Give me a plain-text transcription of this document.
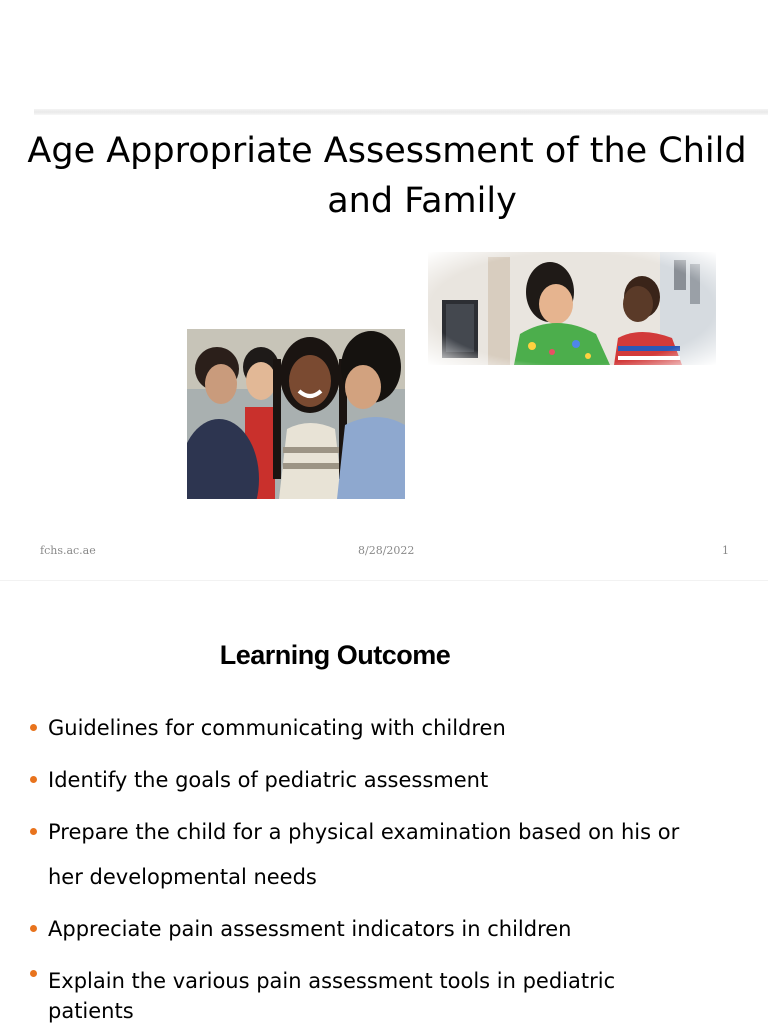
Age Appropriate Assessment of the Child
and Family
fchs.ac.ae	8/28/2022	1
Learning Outcome
Guidelines for communicating with children
Identify the goals of pediatric assessment
Prepare the child for a physical examination based on his or
her developmental needs
Appreciate pain assessment indicators in children
Explain the various pain assessment tools in pediatric
patients
